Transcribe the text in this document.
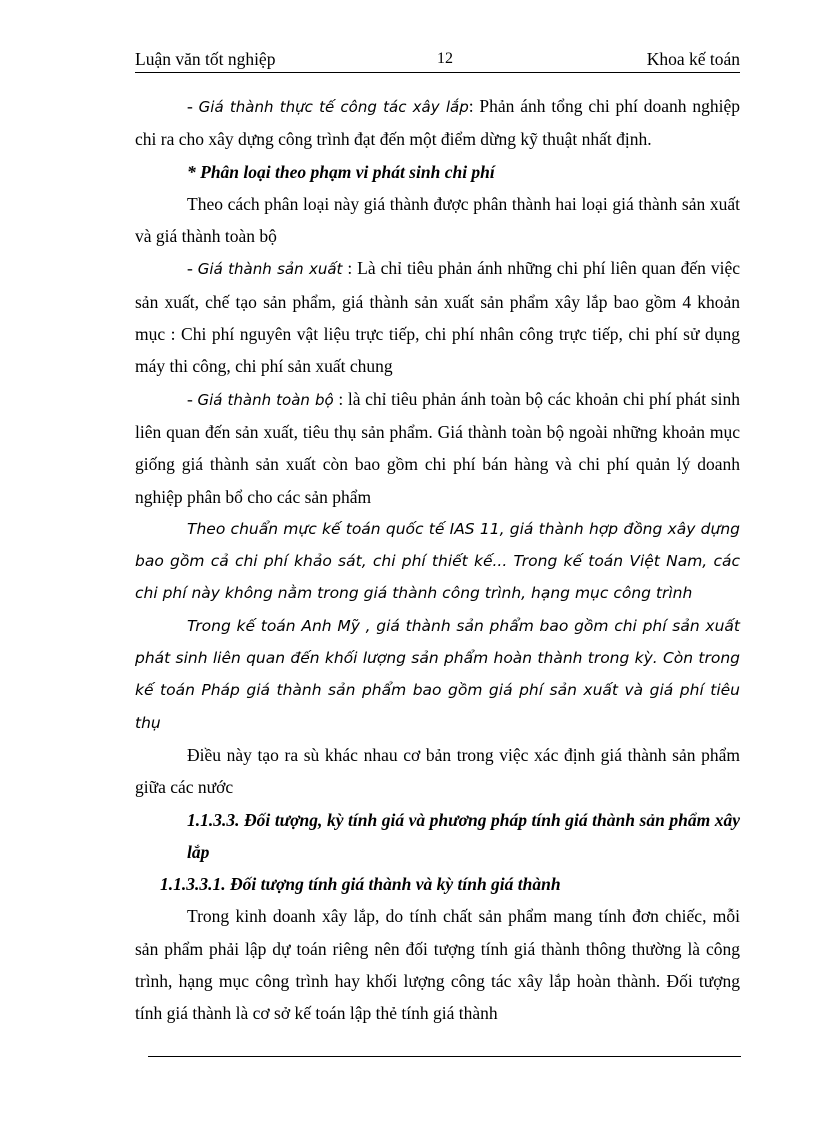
Luận văn tốt nghiệp	12	Khoa kế toán

- Giá thành thực tế công tác xây lắp: Phản ánh tổng chi phí doanh nghiệp chi ra cho xây dựng công trình đạt đến một điểm dừng kỹ thuật nhất định.

* Phân loại theo phạm vi phát sinh chi phí

Theo cách phân loại này giá thành được phân thành hai loại giá thành sản xuất và giá thành toàn bộ

- Giá thành sản xuất : Là chỉ tiêu phản ánh những chi phí liên quan đến việc sản xuất, chế tạo sản phẩm, giá thành sản xuất sản phẩm xây lắp bao gồm 4 khoản mục : Chi phí nguyên vật liệu trực tiếp, chi phí nhân công trực tiếp, chi phí sử dụng máy thi công, chi phí sản xuất chung

- Giá thành toàn bộ : là chỉ tiêu phản ánh toàn bộ các khoản chi phí phát sinh liên quan đến sản xuất, tiêu thụ sản phẩm. Giá thành toàn bộ ngoài những khoản mục giống giá thành sản xuất còn bao gồm chi phí bán hàng và chi phí quản lý doanh nghiệp phân bổ cho các sản phẩm

Theo chuẩn mực kế toán quốc tế IAS 11, giá thành hợp đồng xây dựng bao gồm cả chi phí khảo sát, chi phí thiết kế... Trong kế toán Việt Nam, các chi phí này không nằm trong giá thành công trình, hạng mục công trình

Trong kế toán Anh Mỹ , giá thành sản phẩm bao gồm chi phí sản xuất phát sinh liên quan đến khối lượng sản phẩm hoàn thành trong kỳ. Còn trong kế toán Pháp giá thành sản phẩm bao gồm giá phí sản xuất và giá phí tiêu thụ

Điều này tạo ra sù khác nhau cơ bản trong việc xác định giá thành sản phẩm giữa các nước

1.1.3.3. Đối tượng, kỳ tính giá và phương pháp tính giá thành sản phẩm xây lắp

1.1.3.3.1. Đối tượng tính giá thành và kỳ tính giá thành

Trong kinh doanh xây lắp, do tính chất sản phẩm mang tính đơn chiếc, mỗi sản phẩm phải lập dự toán riêng nên đối tượng tính giá thành thông thường là công trình, hạng mục công trình hay khối lượng công tác xây lắp hoàn thành. Đối tượng tính giá thành là cơ sở kế toán lập thẻ tính giá thành
